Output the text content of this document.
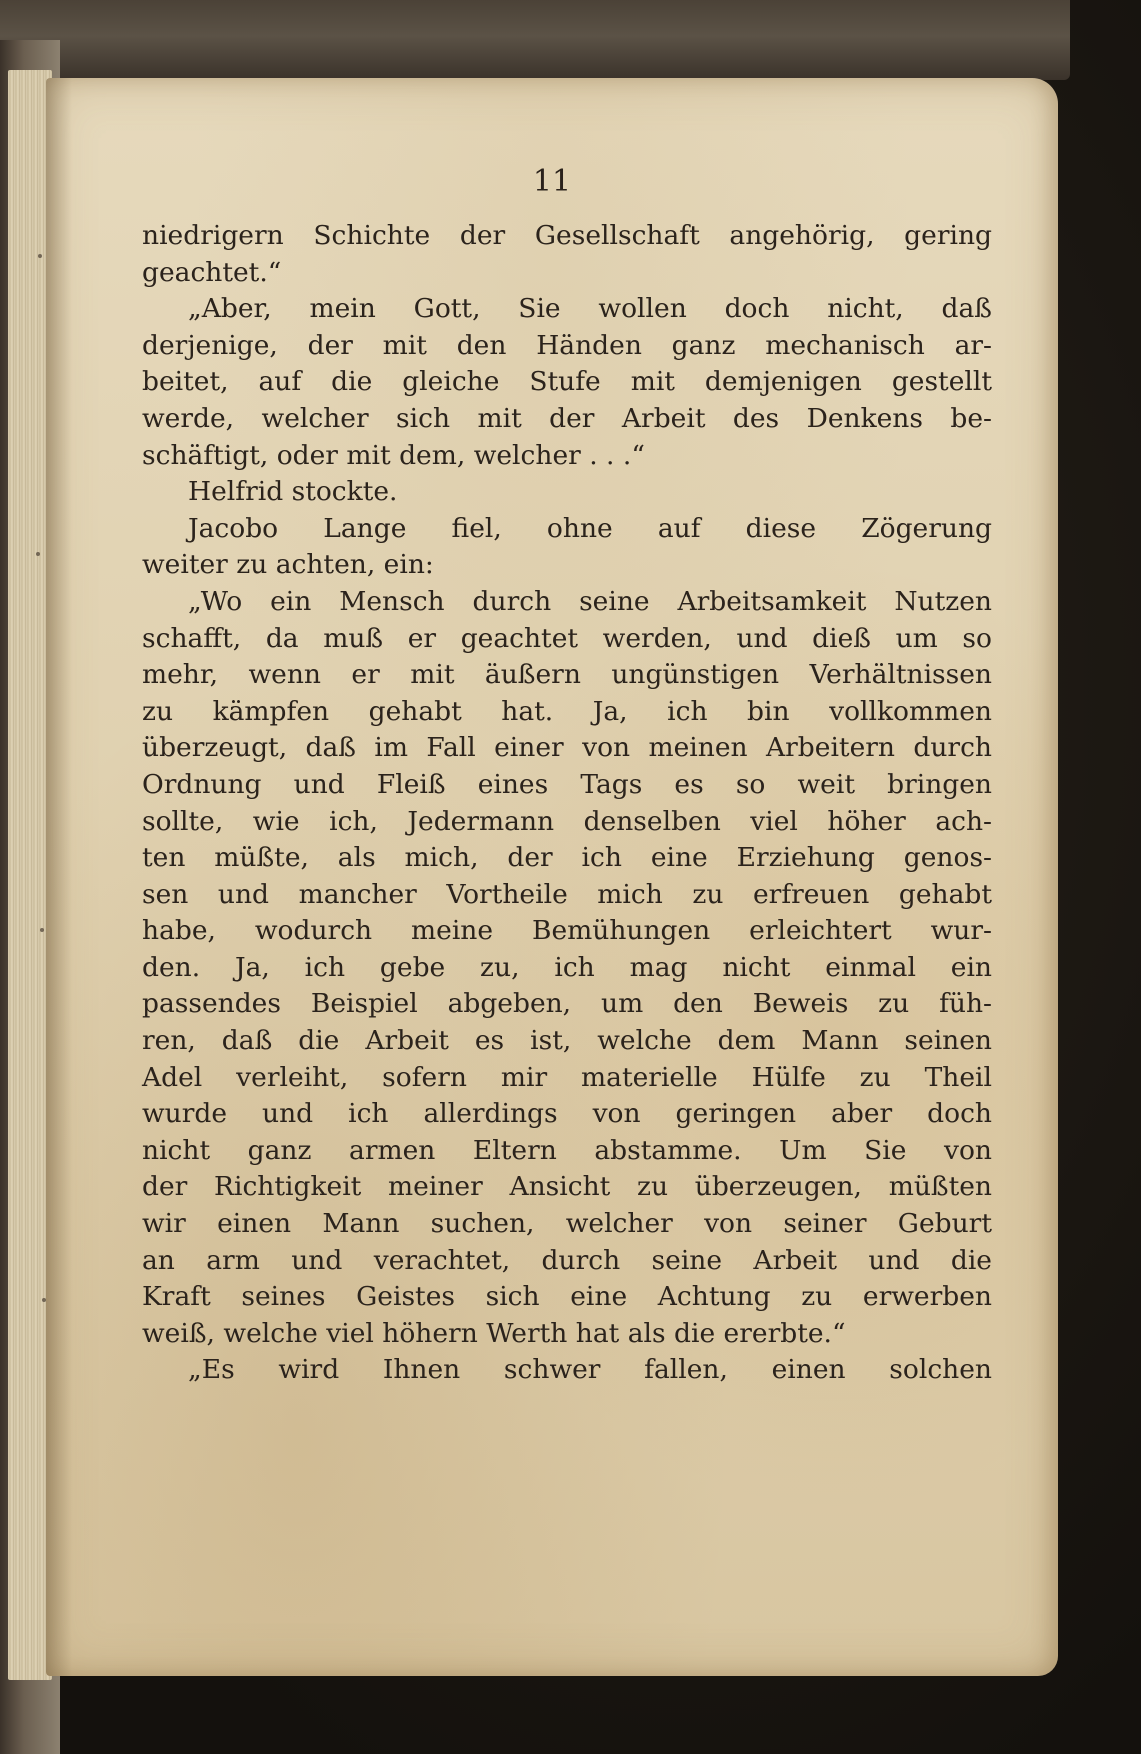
11
niedrigern Schichte der Gesellschaft angehörig, gering
geachtet.“
„Aber, mein Gott, Sie wollen doch nicht, daß
derjenige, der mit den Händen ganz mechanisch ar-
beitet, auf die gleiche Stufe mit demjenigen gestellt
werde, welcher sich mit der Arbeit des Denkens be-
schäftigt, oder mit dem, welcher . . .“
Helfrid stockte.
Jacobo Lange fiel, ohne auf diese Zögerung
weiter zu achten, ein:
„Wo ein Mensch durch seine Arbeitsamkeit Nutzen
schafft, da muß er geachtet werden, und dieß um so
mehr, wenn er mit äußern ungünstigen Verhältnissen
zu kämpfen gehabt hat. Ja, ich bin vollkommen
überzeugt, daß im Fall einer von meinen Arbeitern durch
Ordnung und Fleiß eines Tags es so weit bringen
sollte, wie ich, Jedermann denselben viel höher ach-
ten müßte, als mich, der ich eine Erziehung genos-
sen und mancher Vortheile mich zu erfreuen gehabt
habe, wodurch meine Bemühungen erleichtert wur-
den. Ja, ich gebe zu, ich mag nicht einmal ein
passendes Beispiel abgeben, um den Beweis zu füh-
ren, daß die Arbeit es ist, welche dem Mann seinen
Adel verleiht, sofern mir materielle Hülfe zu Theil
wurde und ich allerdings von geringen aber doch
nicht ganz armen Eltern abstamme. Um Sie von
der Richtigkeit meiner Ansicht zu überzeugen, müßten
wir einen Mann suchen, welcher von seiner Geburt
an arm und verachtet, durch seine Arbeit und die
Kraft seines Geistes sich eine Achtung zu erwerben
weiß, welche viel höhern Werth hat als die ererbte.“
„Es wird Ihnen schwer fallen, einen solchen
